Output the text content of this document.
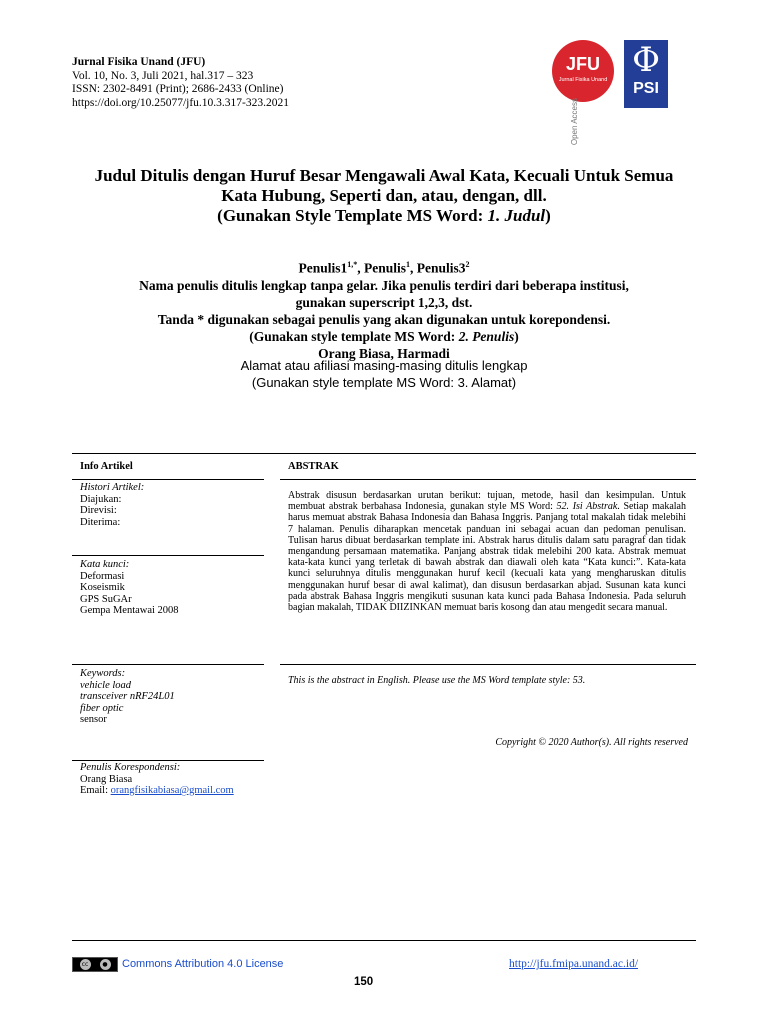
Jurnal Fisika Unand (JFU)
Vol. 10, No. 3, Juli 2021, hal.317 – 323
ISSN: 2302-8491 (Print); 2686-2433 (Online)
https://doi.org/10.25077/jfu.10.3.317-323.2021
JFU
Jurnal Fisika Unand
Open Access
Φ
PSI
Judul Ditulis dengan Huruf Besar Mengawali Awal Kata, Kecuali Untuk Semua
Kata Hubung, Seperti dan, atau, dengan, dll.
(Gunakan Style Template MS Word: 1. Judul)
$Penulis1^{1,*}$, Penulis$^1$, $Penulis3^2$
Nama penulis ditulis lengkap tanpa gelar. Jika penulis terdiri dari beberapa institusi,
gunakan superscript 1,2,3, dst.
Tanda * digunakan sebagai penulis yang akan digunakan untuk korepondensi.
(Gunakan style template MS Word: 2. Penulis)
Orang Biasa, Harmadi
Alamat atau afiliasi masing-masing ditulis lengkap
(Gunakan style template MS Word: 3. Alamat)
Info Artikel	ABSTRAK
Histori Artikel:
Diajukan:
Direvisi:
Diterima:
Kata kunci:
Deformasi
Koseismik
GPS SuGAr
Gempa Mentawai 2008
Keywords:
vehicle load
transceiver nRF24L01
fiber optic
sensor
Penulis Korespondensi:
Orang Biasa
Email: orangfisikabiasa@gmail.com
Abstrak disusun berdasarkan urutan berikut: tujuan, metode, hasil dan kesimpulan. Untuk membuat abstrak berbahasa Indonesia, gunakan style MS Word: 52. Isi Abstrak. Setiap makalah harus memuat abstrak Bahasa Indonesia dan Bahasa Inggris. Panjang total makalah tidak melebihi 7 halaman. Penulis diharapkan mencetak panduan ini sebagai acuan dan pedoman penulisan. Tulisan harus dibuat berdasarkan template ini. Abstrak harus ditulis dalam satu paragraf dan tidak mengandung persamaan matematika. Panjang abstrak tidak melebihi 200 kata. Abstrak memuat kata-kata kunci yang terletak di bawah abstrak dan diawali oleh kata “Kata kunci:”. Kata-kata kunci seluruhnya ditulis menggunakan huruf kecil (kecuali kata yang mengharuskan ditulis menggunakan huruf besar di awal kalimat), dan disusun berdasarkan abjad. Susunan kata kunci pada abstrak Bahasa Inggris mengikuti susunan kata kunci pada Bahasa Indonesia. Pada seluruh bagian makalah, TIDAK DIIZINKAN memuat baris kosong dan atau mengedit secara manual.
This is the abstract in English. Please use the MS Word template style: 53.
Copyright © 2020 Author(s). All rights reserved
cc	● Commons Attribution 4.0 License	http://jfu.fmipa.unand.ac.id/
150
